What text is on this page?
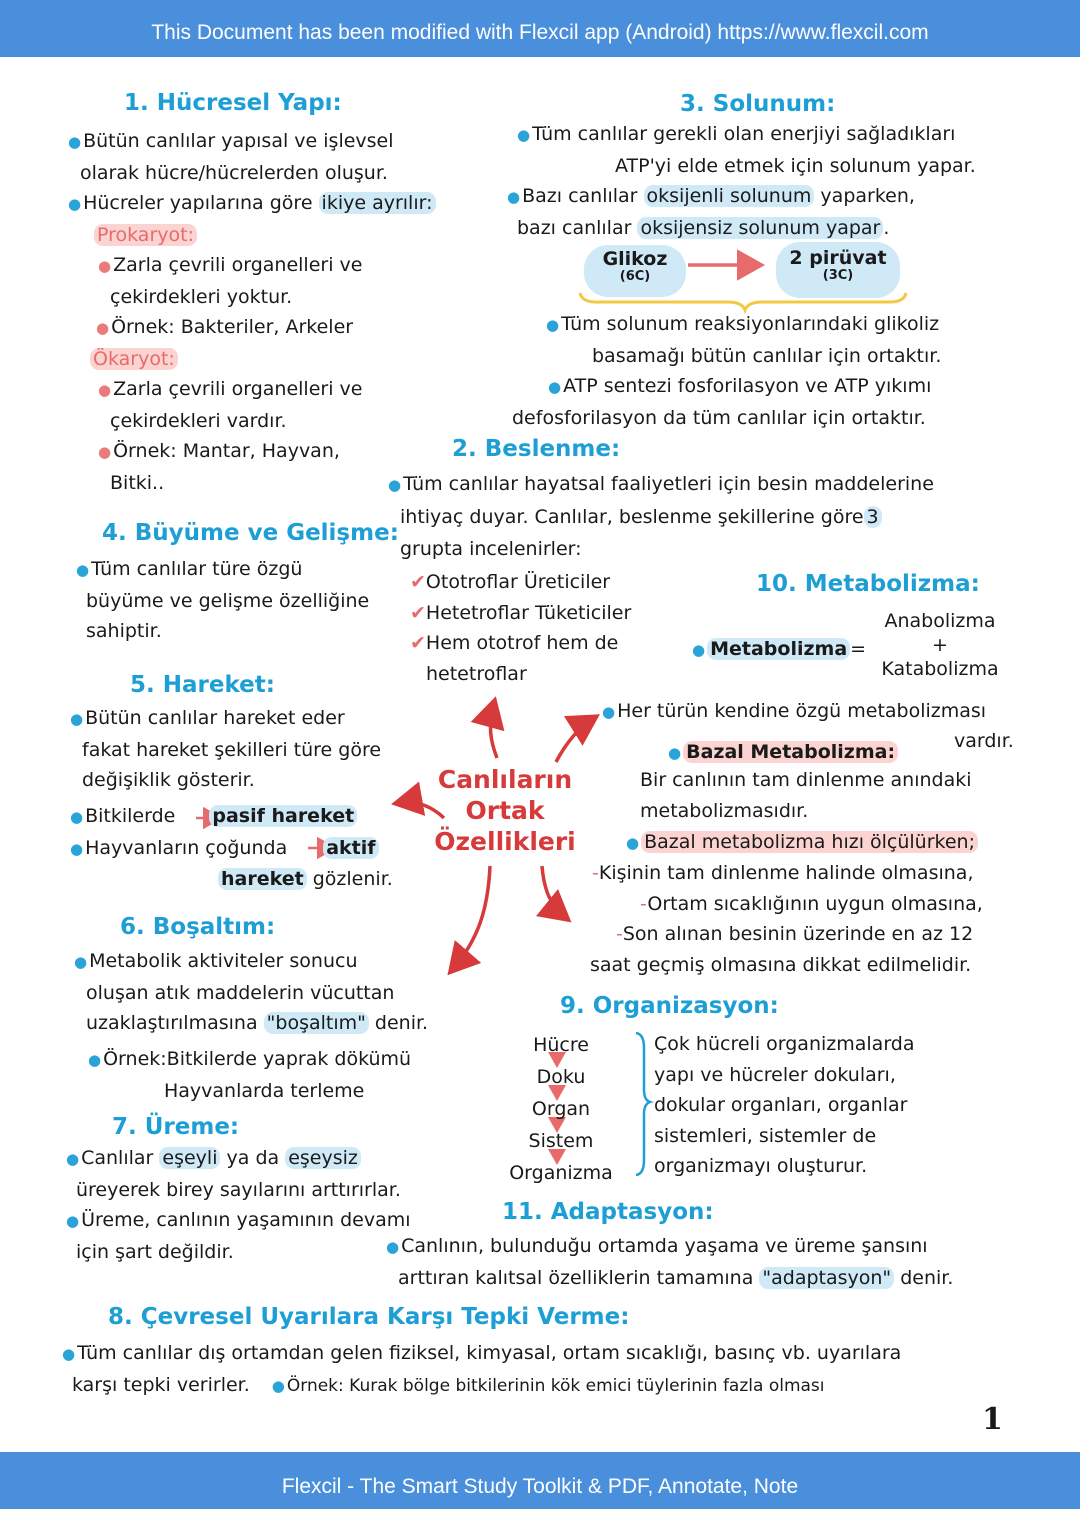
This Document has been modified with Flexcil app (Android) https://www.flexcil.com
Flexcil - The Smart Study Toolkit & PDF, Annotate, Note
Canlıların
Ortak
Özellikleri
1. Hücresel Yapı:
● Bütün canlılar yapısal ve işlevsel
olarak hücre/hücrelerden oluşur.
● Hücreler yapılarına göre ikiye ayrılır:
Prokaryot:
● Zarla çevrili organelleri ve
çekirdekleri yoktur.
● Örnek: Bakteriler, Arkeler
Ökaryot:
● Zarla çevrili organelleri ve
çekirdekleri vardır.
● Örnek: Mantar, Hayvan,
Bitki..
3. Solunum:
● Tüm canlılar gerekli olan enerjiyi sağladıkları
ATP'yi elde etmek için solunum yapar.
● Bazı canlılar oksijenli solunum yaparken,
bazı canlılar oksijensiz solunum yapar .
Glikoz
(6C)
2 pirüvat
(3C)
● Tüm solunum reaksiyonlarındaki glikoliz
basamağı bütün canlılar için ortaktır.
● ATP sentezi fosforilasyon ve ATP yıkımı
defosforilasyon da tüm canlılar için ortaktır.
2. Beslenme:
● Tüm canlılar hayatsal faaliyetleri için besin maddelerine
ihtiyaç duyar. Canlılar, beslenme şekillerine göre 3
grupta incelenirler:
✔Ototroflar Üreticiler
✔Hetetroflar Tüketiciler
✔Hem ototrof hem de
hetetroflar
4. Büyüme ve Gelişme:
● Tüm canlılar türe özgü
büyüme ve gelişme özelliğine
sahiptir.
10. Metabolizma:
Anabolizma
+
Katabolizma
● Metabolizma =
● Her türün kendine özgü metabolizması
vardır.
● Bazal Metabolizma:
Bir canlının tam dinlenme anındaki
metabolizmasıdır.
● Bazal metabolizma hızı ölçülürken;
-Kişinin tam dinlenme halinde olmasına,
-Ortam sıcaklığının uygun olmasına,
-Son alınan besinin üzerinde en az 12
saat geçmiş olmasına dikkat edilmelidir.
5. Hareket:
● Bütün canlılar hareket eder
fakat hareket şekilleri türe göre
değişiklik gösterir.
● Bitkilerde pasif hareket
● Hayvanların çoğunda aktif
hareket gözlenir.
6. Boşaltım:
● Metabolik aktiviteler sonucu
oluşan atık maddelerin vücuttan
uzaklaştırılmasına "boşaltım" denir.
● Örnek:Bitkilerde yaprak dökümü
Hayvanlarda terleme
9. Organizasyon:
Hücre
Doku
Organ
Sistem
Organizma
Çok hücreli organizmalarda
yapı ve hücreler dokuları,
dokular organları, organlar
sistemleri, sistemler de
organizmayı oluşturur.
7. Üreme:
● Canlılar eşeyli ya da eşeysiz
üreyerek birey sayılarını arttırırlar.
● Üreme, canlının yaşamının devamı
için şart değildir.
11. Adaptasyon:
● Canlının, bulunduğu ortamda yaşama ve üreme şansını
arttıran kalıtsal özelliklerin tamamına "adaptasyon" denir.
8. Çevresel Uyarılara Karşı Tepki Verme:
● Tüm canlılar dış ortamdan gelen fiziksel, kimyasal, ortam sıcaklığı, basınç vb. uyarılara
karşı tepki verirler. ● Örnek: Kurak bölge bitkilerinin kök emici tüylerinin fazla olması
1
